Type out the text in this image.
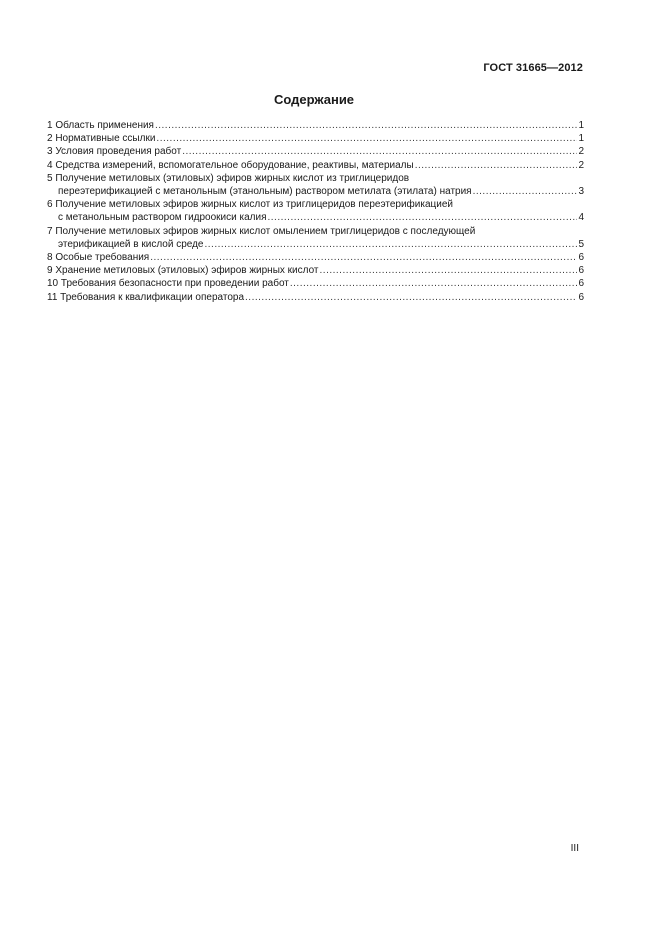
ГОСТ 31665—2012
Содержание
1 Область применения .....	1
2 Нормативные ссылки .....	1
3 Условия проведения работ .....	2
4 Средства измерений, вспомогательное оборудование, реактивы, материалы .....	2
5 Получение метиловых (этиловых) эфиров жирных кислот из триглицеридов
переэтерификацией с метанольным (этанольным) раствором метилата (этилата) натрия .....	3
6 Получение метиловых эфиров жирных кислот из триглицеридов переэтерификацией
с метанольным раствором гидроокиси калия .....	4
7 Получение метиловых эфиров жирных кислот омылением триглицеридов с последующей
этерификацией в кислой среде .....	5
8 Особые требования .....	6
9 Хранение метиловых (этиловых) эфиров жирных кислот .....	6
10 Требования безопасности при проведении работ .....	6
11 Требования к квалификации оператора .....	6
III
